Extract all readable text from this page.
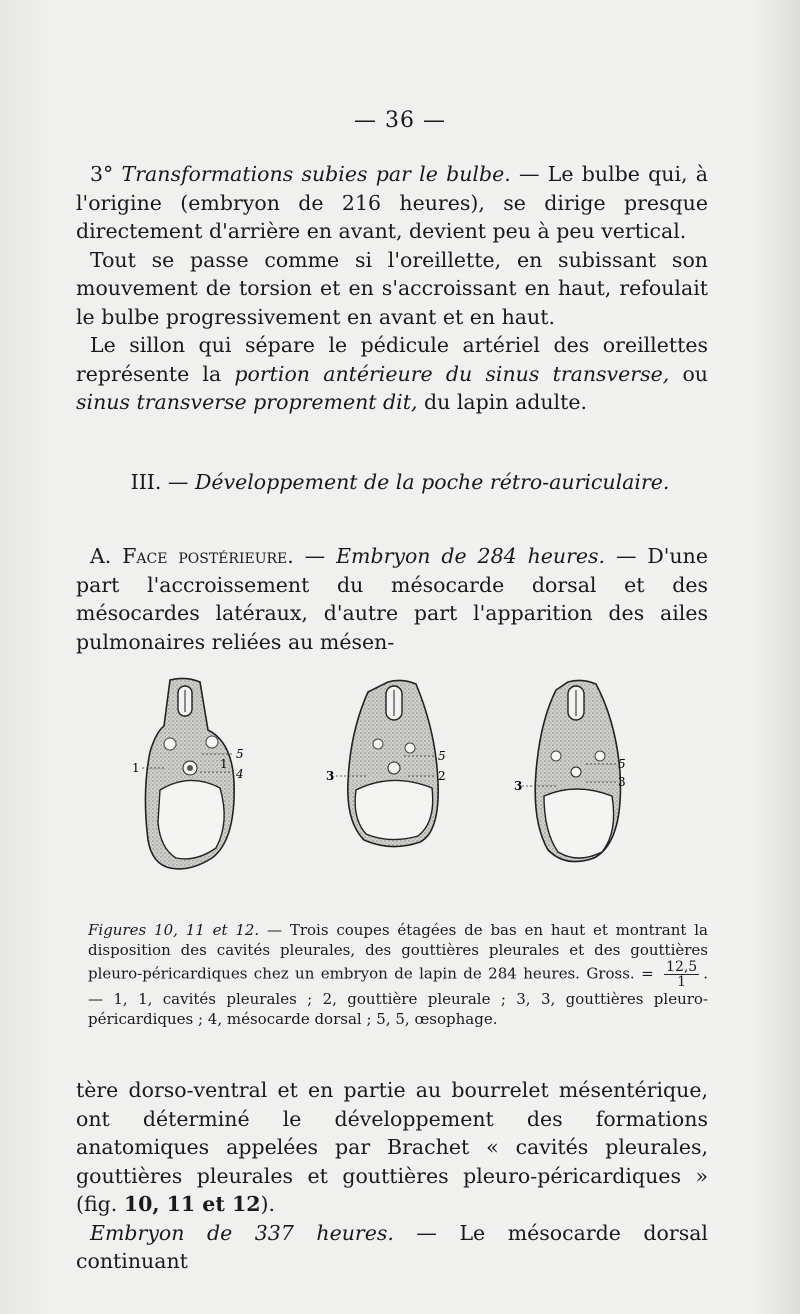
— 36 —

3° Transformations subies par le bulbe. — Le bulbe qui, à l'origine (embryon de 216 heures), se dirige presque directement d'arrière en avant, devient peu à peu vertical.

Tout se passe comme si l'oreillette, en subissant son mouvement de torsion et en s'accroissant en haut, refoulait le bulbe progressivement en avant et en haut.

Le sillon qui sépare le pédicule artériel des oreillettes représente la portion antérieure du sinus transverse, ou sinus transverse proprement dit, du lapin adulte.

III. — Développement de la poche rétro-auriculaire.

A. Face postérieure. — Embryon de 284 heures. — D'une part l'accroissement du mésocarde dorsal et des mésocardes latéraux, d'autre part l'apparition des ailes pulmonaires reliées au mésen-

5
4
1	1
5
2
3
5
3
3
Figures 10, 11 et 12. — Trois coupes étagées de bas en haut et montrant la disposition des cavités pleurales, des gouttières pleurales et des gouttières pleuro-péricardiques chez un embryon de lapin de 284 heures. Gross. = $\frac{12,5}{1}$ . — 1, 1, cavités pleurales ; 2, gouttière pleurale ; 3, 3, gouttières pleuro-péricardiques ; 4, mésocarde dorsal ; 5, 5, œsophage.

tère dorso-ventral et en partie au bourrelet mésentérique, ont déterminé le développement des formations anatomiques appelées par Brachet « cavités pleurales, gouttières pleurales et gouttières pleuro-péricardiques » (fig. 10, 11 et 12).

Embryon de 337 heures. — Le mésocarde dorsal continuant
